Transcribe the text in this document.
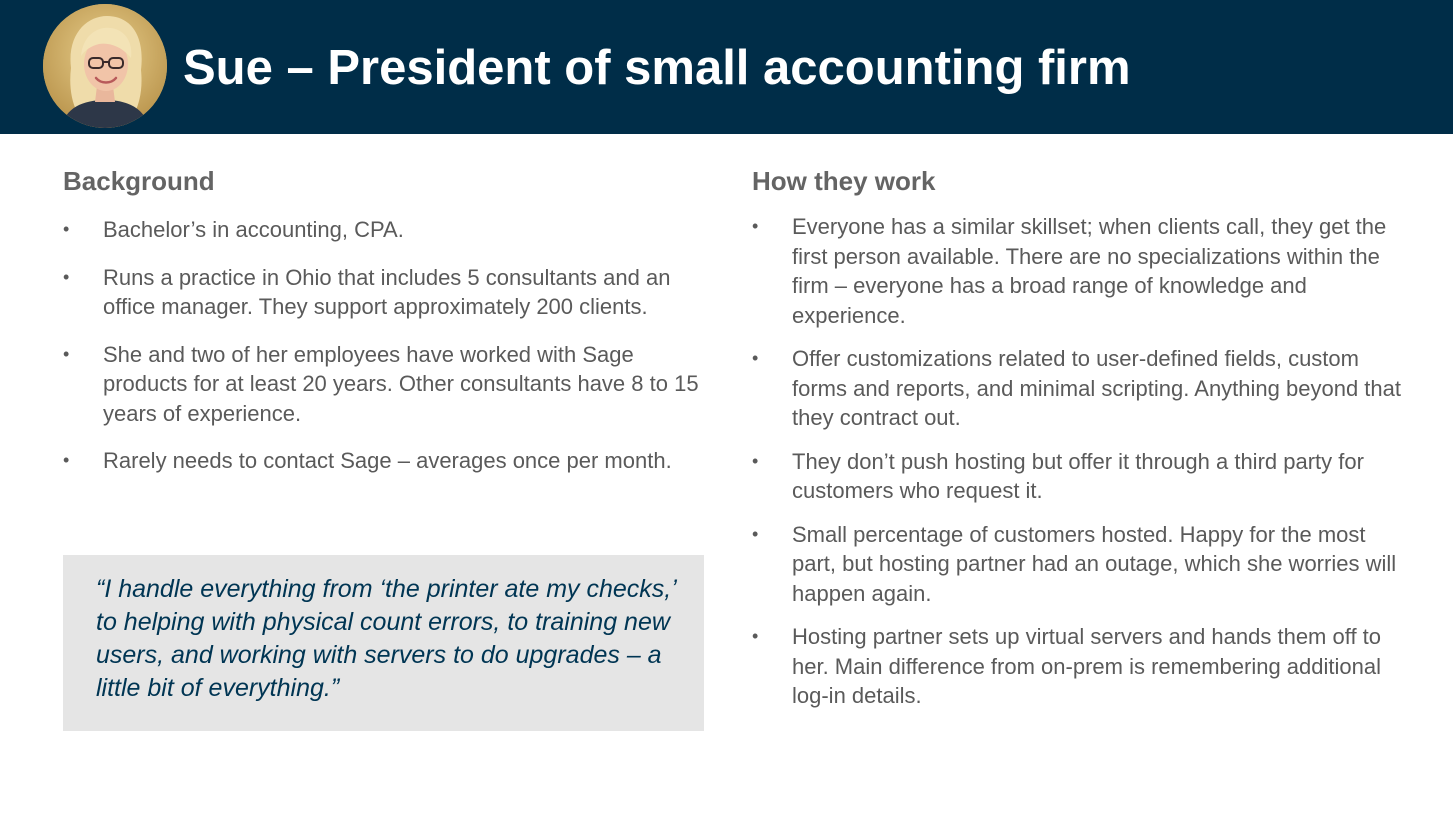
Sue – President of small accounting firm
Background
•	Bachelor’s in accounting, CPA.
•	Runs a practice in Ohio that includes 5 consultants and an office manager. They support approximately 200 clients.
•	She and two of her employees have worked with Sage products for at least 20 years. Other consultants have 8 to 15 years of experience.
•	Rarely needs to contact Sage – averages once per month.

“I handle everything from ‘the printer ate my checks,’ to helping with physical count errors, to training new users, and working with servers to do upgrades – a little bit of everything.”

How they work
•	Everyone has a similar skillset; when clients call, they get the first person available. There are no specializations within the firm – everyone has a broad range of knowledge and experience.
•	Offer customizations related to user-defined fields, custom forms and reports, and minimal scripting. Anything beyond that they contract out.
•	They don’t push hosting but offer it through a third party for customers who request it.
•	Small percentage of customers hosted. Happy for the most part, but hosting partner had an outage, which she worries will happen again.
•	Hosting partner sets up virtual servers and hands them off to her. Main difference from on-prem is remembering additional log-in details.
